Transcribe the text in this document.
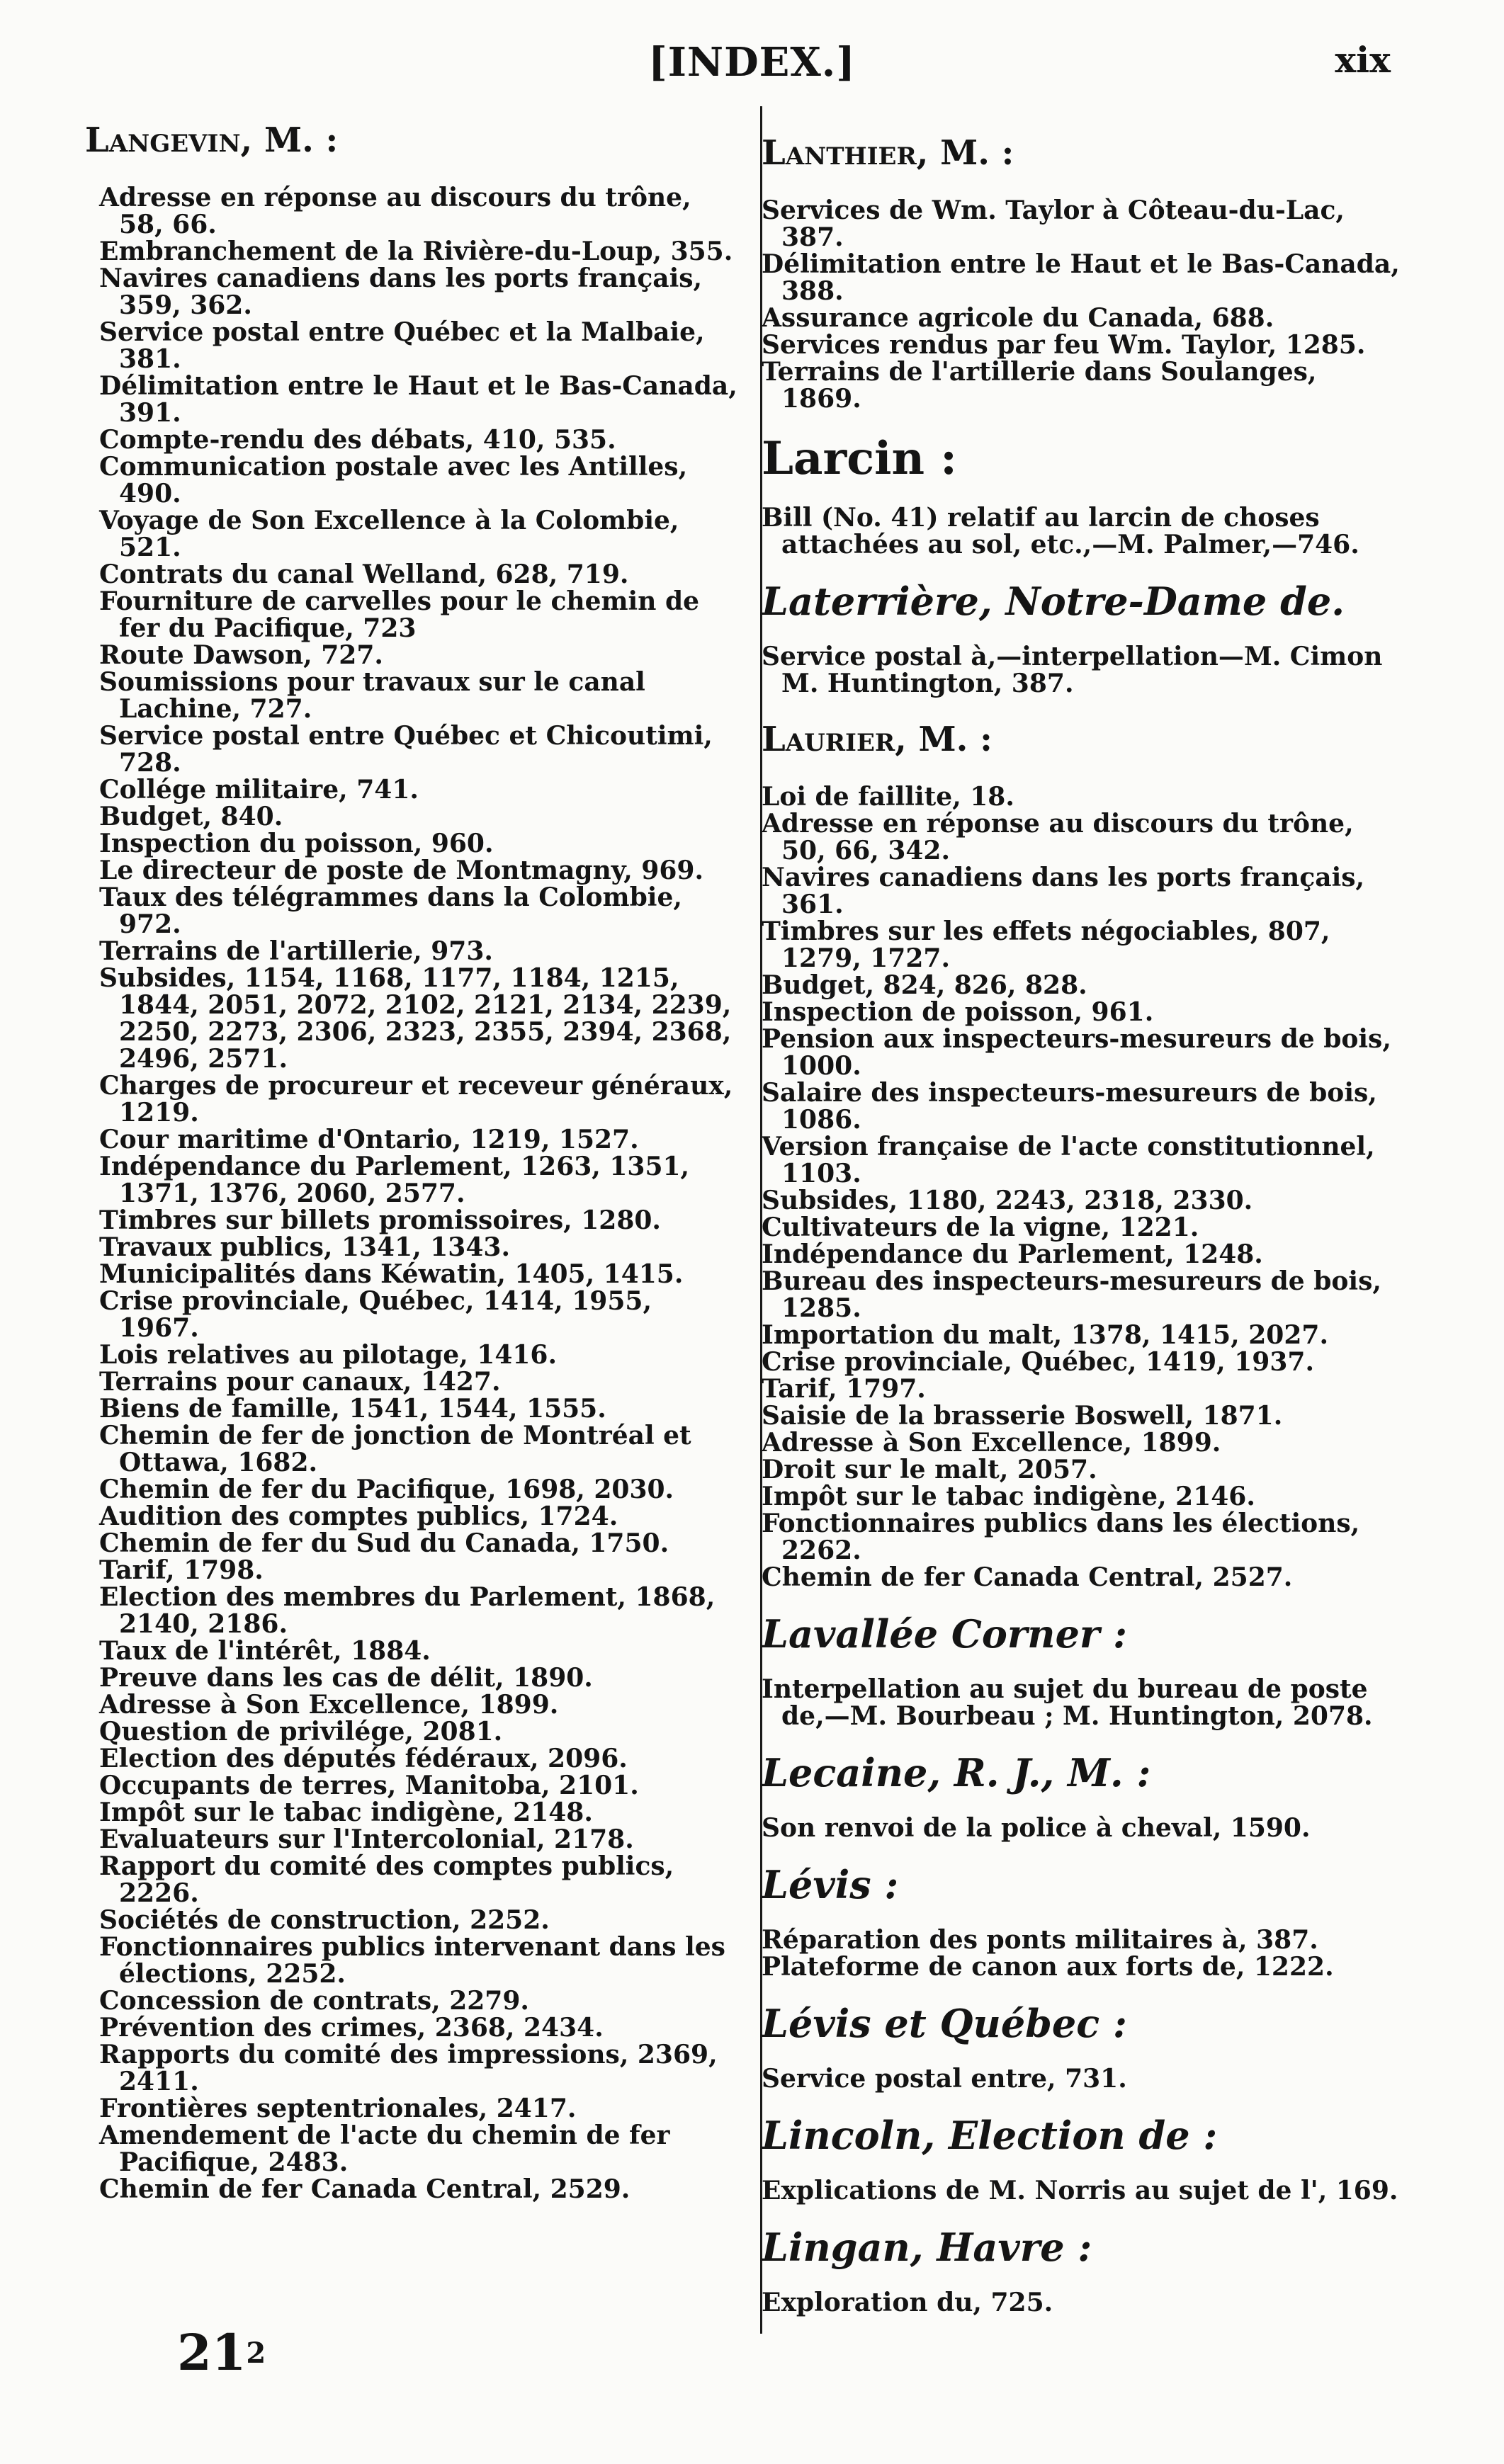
[INDEX.]	xix
Langevin, M. :

Adresse en réponse au discours du trône, 58, 66.

Embranchement de la Rivière-du-Loup, 355.

Navires canadiens dans les ports français, 359, 362.

Service postal entre Québec et la Malbaie, 381.

Délimitation entre le Haut et le Bas-Canada, 391.

Compte-rendu des débats, 410, 535.

Communication postale avec les Antilles, 490.

Voyage de Son Excellence à la Colombie, 521.

Contrats du canal Welland, 628, 719.

Fourniture de carvelles pour le chemin de fer du Pacifique, 723

Route Dawson, 727.

Soumissions pour travaux sur le canal Lachine, 727.

Service postal entre Québec et Chicoutimi, 728.

Collége militaire, 741.

Budget, 840.

Inspection du poisson, 960.

Le directeur de poste de Montmagny, 969.

Taux des télégrammes dans la Colombie, 972.

Terrains de l'artillerie, 973.

Subsides, 1154, 1168, 1177, 1184, 1215, 1844, 2051, 2072, 2102, 2121, 2134, 2239, 2250, 2273, 2306, 2323, 2355, 2394, 2368, 2496, 2571.

Charges de procureur et receveur généraux, 1219.

Cour maritime d'Ontario, 1219, 1527.

Indépendance du Parlement, 1263, 1351, 1371, 1376, 2060, 2577.

Timbres sur billets promissoires, 1280.

Travaux publics, 1341, 1343.

Municipalités dans Kéwatin, 1405, 1415.

Crise provinciale, Québec, 1414, 1955, 1967.

Lois relatives au pilotage, 1416.

Terrains pour canaux, 1427.

Biens de famille, 1541, 1544, 1555.

Chemin de fer de jonction de Montréal et Ottawa, 1682.

Chemin de fer du Pacifique, 1698, 2030.

Audition des comptes publics, 1724.

Chemin de fer du Sud du Canada, 1750.

Tarif, 1798.

Election des membres du Parlement, 1868, 2140, 2186.

Taux de l'intérêt, 1884.

Preuve dans les cas de délit, 1890.

Adresse à Son Excellence, 1899.

Question de privilége, 2081.

Election des députés fédéraux, 2096.

Occupants de terres, Manitoba, 2101.

Impôt sur le tabac indigène, 2148.

Evaluateurs sur l'Intercolonial, 2178.

Rapport du comité des comptes publics, 2226.

Sociétés de construction, 2252.

Fonctionnaires publics intervenant dans les élections, 2252.

Concession de contrats, 2279.

Prévention des crimes, 2368, 2434.

Rapports du comité des impressions, 2369, 2411.

Frontières septentrionales, 2417.

Amendement de l'acte du chemin de fer Pacifique, 2483.

Chemin de fer Canada Central, 2529.

Lanthier, M. :

Services de Wm. Taylor à Côteau-du-Lac, 387.

Délimitation entre le Haut et le Bas-Canada, 388.

Assurance agricole du Canada, 688.

Services rendus par feu Wm. Taylor, 1285.

Terrains de l'artillerie dans Soulanges, 1869.

Larcin :

Bill (No. 41) relatif au larcin de choses attachées au sol, etc.,—M. Palmer,—746.

Laterrière, Notre-Dame de.

Service postal à,—interpellation—M. Cimon M. Huntington, 387.

Laurier, M. :

Loi de faillite, 18.

Adresse en réponse au discours du trône, 50, 66, 342.

Navires canadiens dans les ports français, 361.

Timbres sur les effets négociables, 807, 1279, 1727.

Budget, 824, 826, 828.

Inspection de poisson, 961.

Pension aux inspecteurs-mesureurs de bois, 1000.

Salaire des inspecteurs-mesureurs de bois, 1086.

Version française de l'acte constitutionnel, 1103.

Subsides, 1180, 2243, 2318, 2330.

Cultivateurs de la vigne, 1221.

Indépendance du Parlement, 1248.

Bureau des inspecteurs-mesureurs de bois, 1285.

Importation du malt, 1378, 1415, 2027.

Crise provinciale, Québec, 1419, 1937.

Tarif, 1797.

Saisie de la brasserie Boswell, 1871.

Adresse à Son Excellence, 1899.

Droit sur le malt, 2057.

Impôt sur le tabac indigène, 2146.

Fonctionnaires publics dans les élections, 2262.

Chemin de fer Canada Central, 2527.

Lavallée Corner :

Interpellation au sujet du bureau de poste de,—M. Bourbeau ; M. Huntington, 2078.

Lecaine, R. J., M. :

Son renvoi de la police à cheval, 1590.

Lévis :

Réparation des ponts militaires à, 387.

Plateforme de canon aux forts de, 1222.

Lévis et Québec :

Service postal entre, 731.

Lincoln, Election de :

Explications de M. Norris au sujet de l', 169.

Lingan, Havre :

Exploration du, 725.

212
